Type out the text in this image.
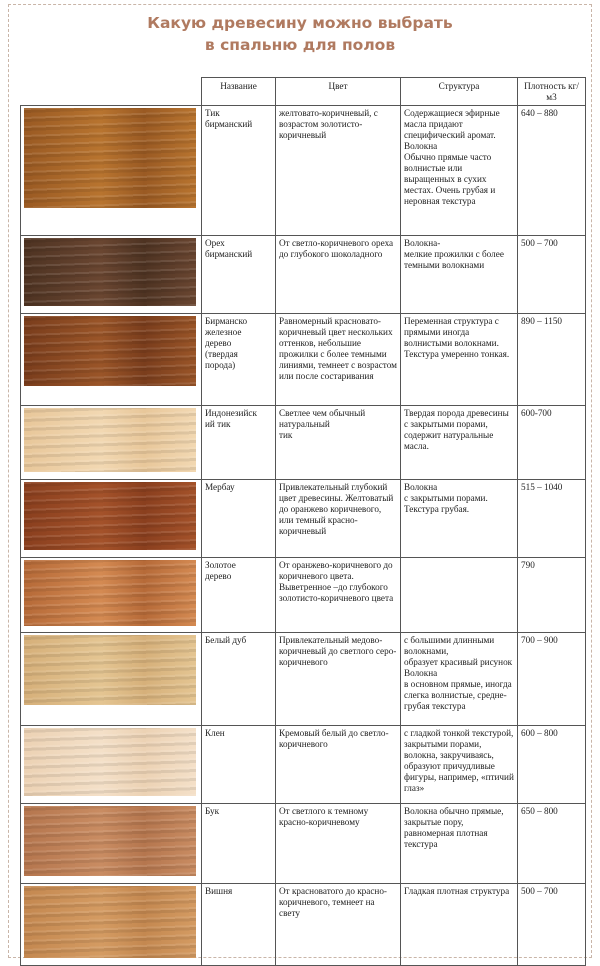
Какую древесину можно выбрать
в спальню для полов
	Название	Цвет	Структура	Плотность кг/м3

	Тик
бирманский	желтовато-коричневый, с возрастом золотисто-коричневый	Содержащиеся эфирные масла придают специфический аромат.
Волокна
Обычно прямые часто волнистые или выращенных в сухих местах. Очень грубая и неровная текстура	640 – 880

	Орех
бирманский	От светло-коричневого ореха до глубокого шоколадного	Волокна-
мелкие прожилки с более темными волокнами	500 – 700

	Бирманско
железное
дерево
(твердая
порода)	Равномерный красновато-коричневый цвет нескольких оттенков, небольшие прожилки с более темными линиями, темнеет с возрастом или после состаривания	Переменная структура с прямыми иногда волнистыми волокнами. Текстура умеренно тонкая.	890 – 1150

	Индонезийск
ий тик	Светлее чем обычный натуральный
тик	Твердая порода древесины с закрытыми порами, содержит натуральные масла.	600-700

	Мербау	Привлекательный глубокий цвет древесины. Желтоватый до оранжево коричневого, или темный красно- коричневый	Волокна
с закрытыми порами.
Текстура грубая.	515 – 1040

	Золотое
дерево	От оранжево-коричневого до коричневого цвета. Выветренное –до глубокого золотисто-коричневого цвета		790

	Белый дуб	Привлекательный медово-коричневый до светлого серо-коричневого	с большими длинными волокнами,
образует красивый рисунок
Волокна
в основном прямые, иногда слегка волнистые, средне-грубая текстура	700 – 900

	Клен	Кремовый белый до светло-коричневого	с гладкой тонкой текстурой, закрытыми порами, волокна, закручиваясь, образуют причудливые фигуры, например, «птичий глаз»	600 – 800

	Бук	От светлого к темному красно-коричневому	Волокна обычно прямые, закрытые пору, равномерная плотная текстура	650 – 800

	Вишня	От красноватого до красно-коричневого, темнеет на свету	Гладкая плотная структура	500 – 700
